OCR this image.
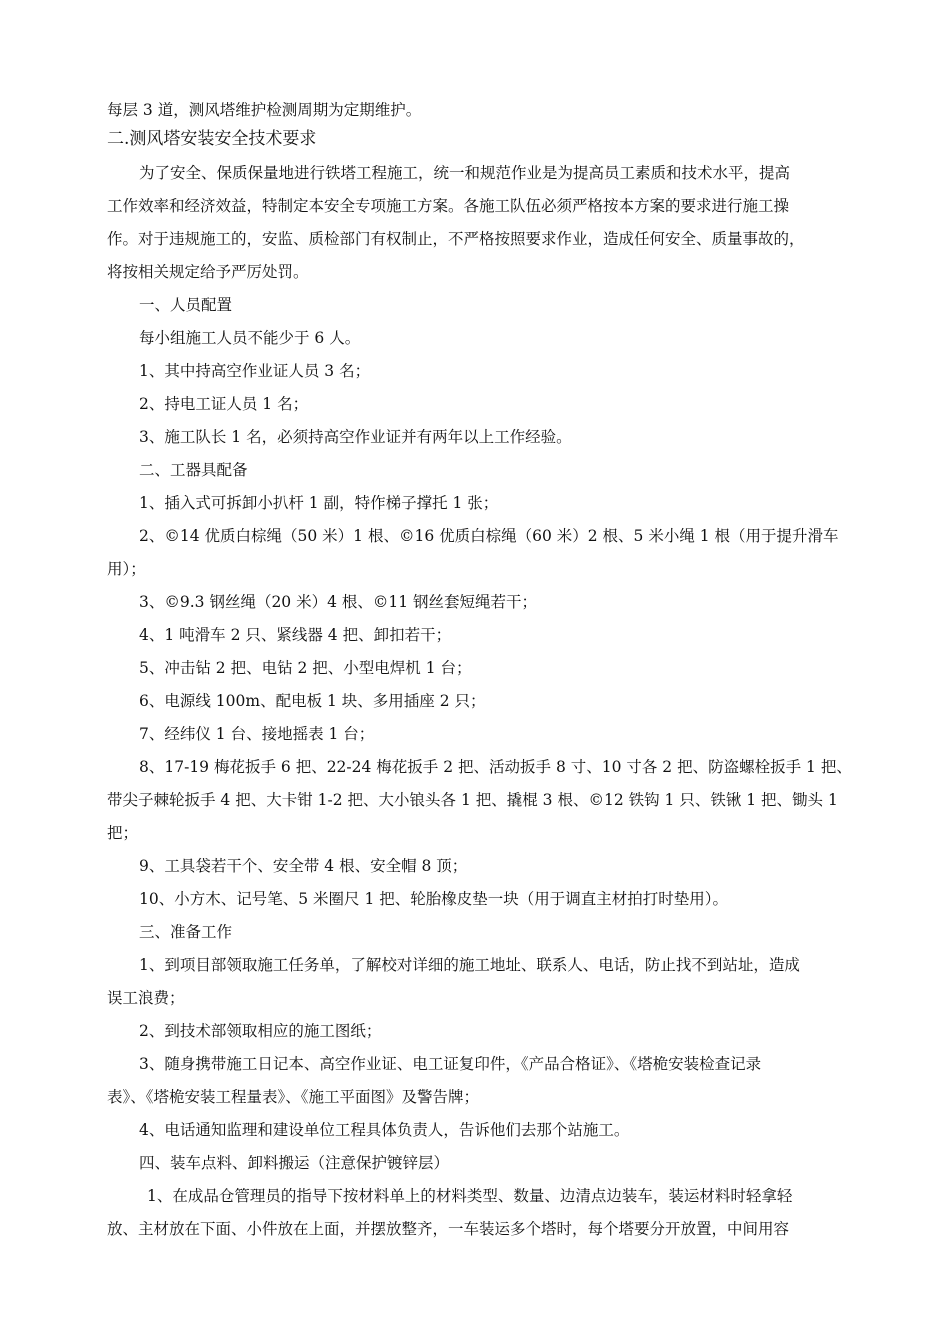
每层 3 道，测风塔维护检测周期为定期维护。
二.测风塔安装安全技术要求
为了安全、保质保量地进行铁塔工程施工，统一和规范作业是为提高员工素质和技术水平，提高
工作效率和经济效益，特制定本安全专项施工方案。各施工队伍必须严格按本方案的要求进行施工操
作。对于违规施工的，安监、质检部门有权制止，不严格按照要求作业，造成任何安全、质量事故的，
将按相关规定给予严厉处罚。
一、人员配置
每小组施工人员不能少于 6 人。
1、其中持高空作业证人员 3 名；
2、持电工证人员 1 名；
3、施工队长 1 名，必须持高空作业证并有两年以上工作经验。
二、工器具配备
1、插入式可拆卸小扒杆 1 副，特作梯子撑托 1 张；
2、©14 优质白棕绳（50 米）1 根、©16 优质白棕绳（60 米）2 根、5 米小绳 1 根（用于提升滑车
用）；
3、©9.3 钢丝绳（20 米）4 根、©11 钢丝套短绳若干；
4、1 吨滑车 2 只、紧线器 4 把、卸扣若干；
5、冲击钻 2 把、电钻 2 把、小型电焊机 1 台；
6、电源线 100m、配电板 1 块、多用插座 2 只；
7、经纬仪 1 台、接地摇表 1 台；
8、17-19 梅花扳手 6 把、22-24 梅花扳手 2 把、活动扳手 8 寸、10 寸各 2 把、防盗螺栓扳手 1 把、
带尖子棘轮扳手 4 把、大卡钳 1-2 把、大小锒头各 1 把、撬棍 3 根、©12 铁钩 1 只、铁锹 1 把、锄头 1
把；
9、工具袋若干个、安全带 4 根、安全帽 8 顶；
10、小方木、记号笔、5 米圈尺 1 把、轮胎橡皮垫一块（用于调直主材拍打时垫用）。
三、准备工作
1、到项目部领取施工任务单，了解校对详细的施工地址、联系人、电话，防止找不到站址，造成
误工浪费；
2、到技术部领取相应的施工图纸；
3、随身携带施工日记本、高空作业证、电工证复印件，《产品合格证》、《塔桅安装检查记录
表》、《塔桅安装工程量表》、《施工平面图》及警告牌；
4、电话通知监理和建设单位工程具体负责人，告诉他们去那个站施工。
四、装车点料、卸料搬运（注意保护镀锌层）
1、在成品仓管理员的指导下按材料单上的材料类型、数量、边清点边装车，装运材料时轻拿轻
放、主材放在下面、小件放在上面，并摆放整齐，一车装运多个塔时，每个塔要分开放置，中间用容
